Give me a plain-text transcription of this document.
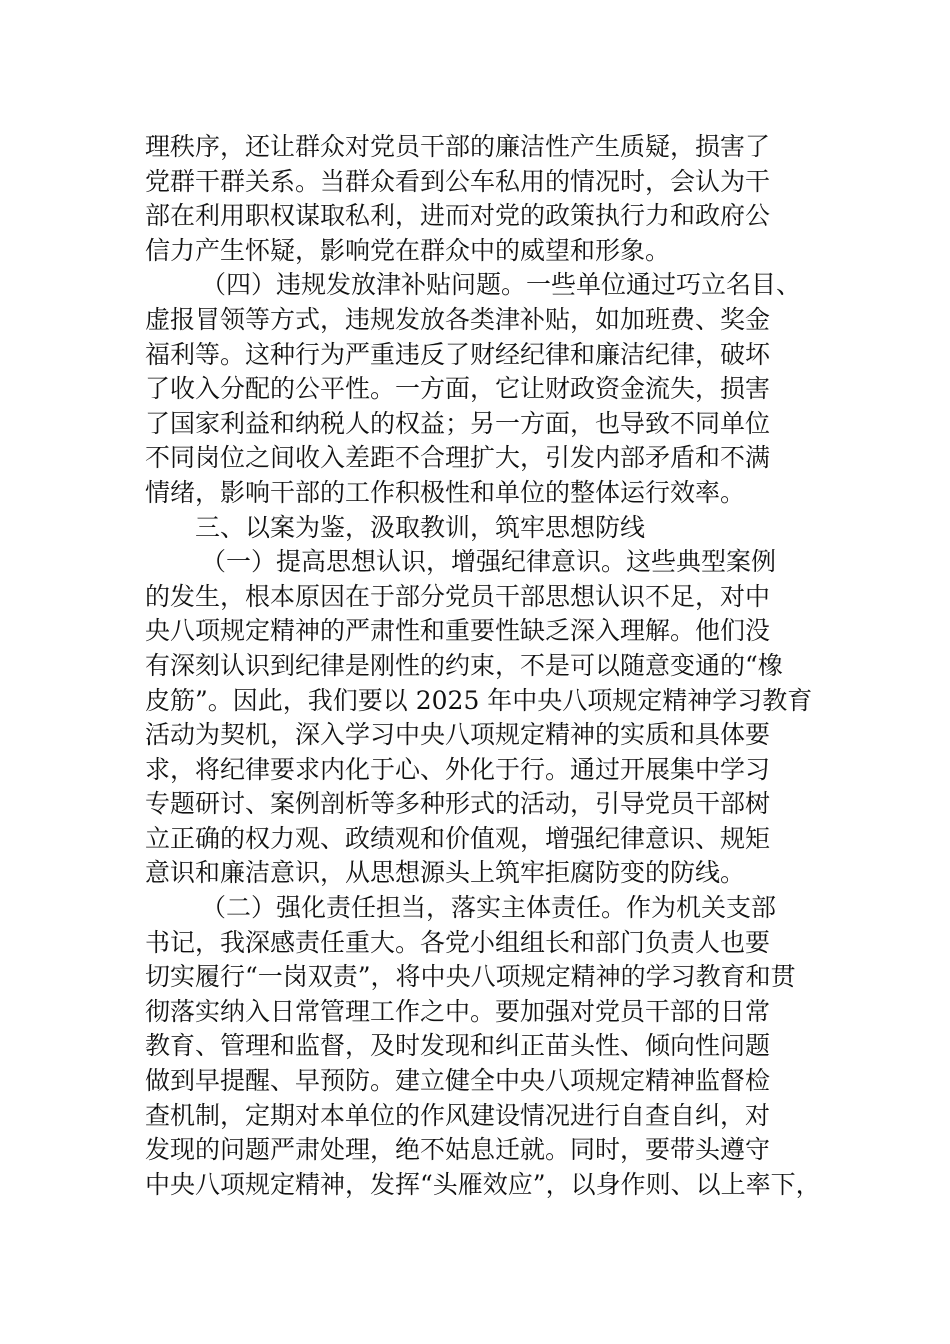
理秩序，还让群众对党员干部的廉洁性产生质疑，损害了
党群干群关系。当群众看到公车私用的情况时，会认为干
部在利用职权谋取私利，进而对党的政策执行力和政府公
信力产生怀疑，影响党在群众中的威望和形象。
（四）违规发放津补贴问题。一些单位通过巧立名目、
虚报冒领等方式，违规发放各类津补贴，如加班费、奖金
福利等。这种行为严重违反了财经纪律和廉洁纪律，破坏
了收入分配的公平性。一方面，它让财政资金流失，损害
了国家利益和纳税人的权益；另一方面，也导致不同单位
不同岗位之间收入差距不合理扩大，引发内部矛盾和不满
情绪，影响干部的工作积极性和单位的整体运行效率。
三、以案为鉴，汲取教训，筑牢思想防线
（一）提高思想认识，增强纪律意识。这些典型案例
的发生，根本原因在于部分党员干部思想认识不足，对中
央八项规定精神的严肃性和重要性缺乏深入理解。他们没
有深刻认识到纪律是刚性的约束，不是可以随意变通的“橡
皮筋”。因此，我们要以 2025 年中央八项规定精神学习教育
活动为契机，深入学习中央八项规定精神的实质和具体要
求，将纪律要求内化于心、外化于行。通过开展集中学习
专题研讨、案例剖析等多种形式的活动，引导党员干部树
立正确的权力观、政绩观和价值观，增强纪律意识、规矩
意识和廉洁意识，从思想源头上筑牢拒腐防变的防线。
（二）强化责任担当，落实主体责任。作为机关支部
书记，我深感责任重大。各党小组组长和部门负责人也要
切实履行“一岗双责”，将中央八项规定精神的学习教育和贯
彻落实纳入日常管理工作之中。要加强对党员干部的日常
教育、管理和监督，及时发现和纠正苗头性、倾向性问题
做到早提醒、早预防。建立健全中央八项规定精神监督检
查机制，定期对本单位的作风建设情况进行自查自纠，对
发现的问题严肃处理，绝不姑息迁就。同时，要带头遵守
中央八项规定精神，发挥“头雁效应”，以身作则、以上率下，
